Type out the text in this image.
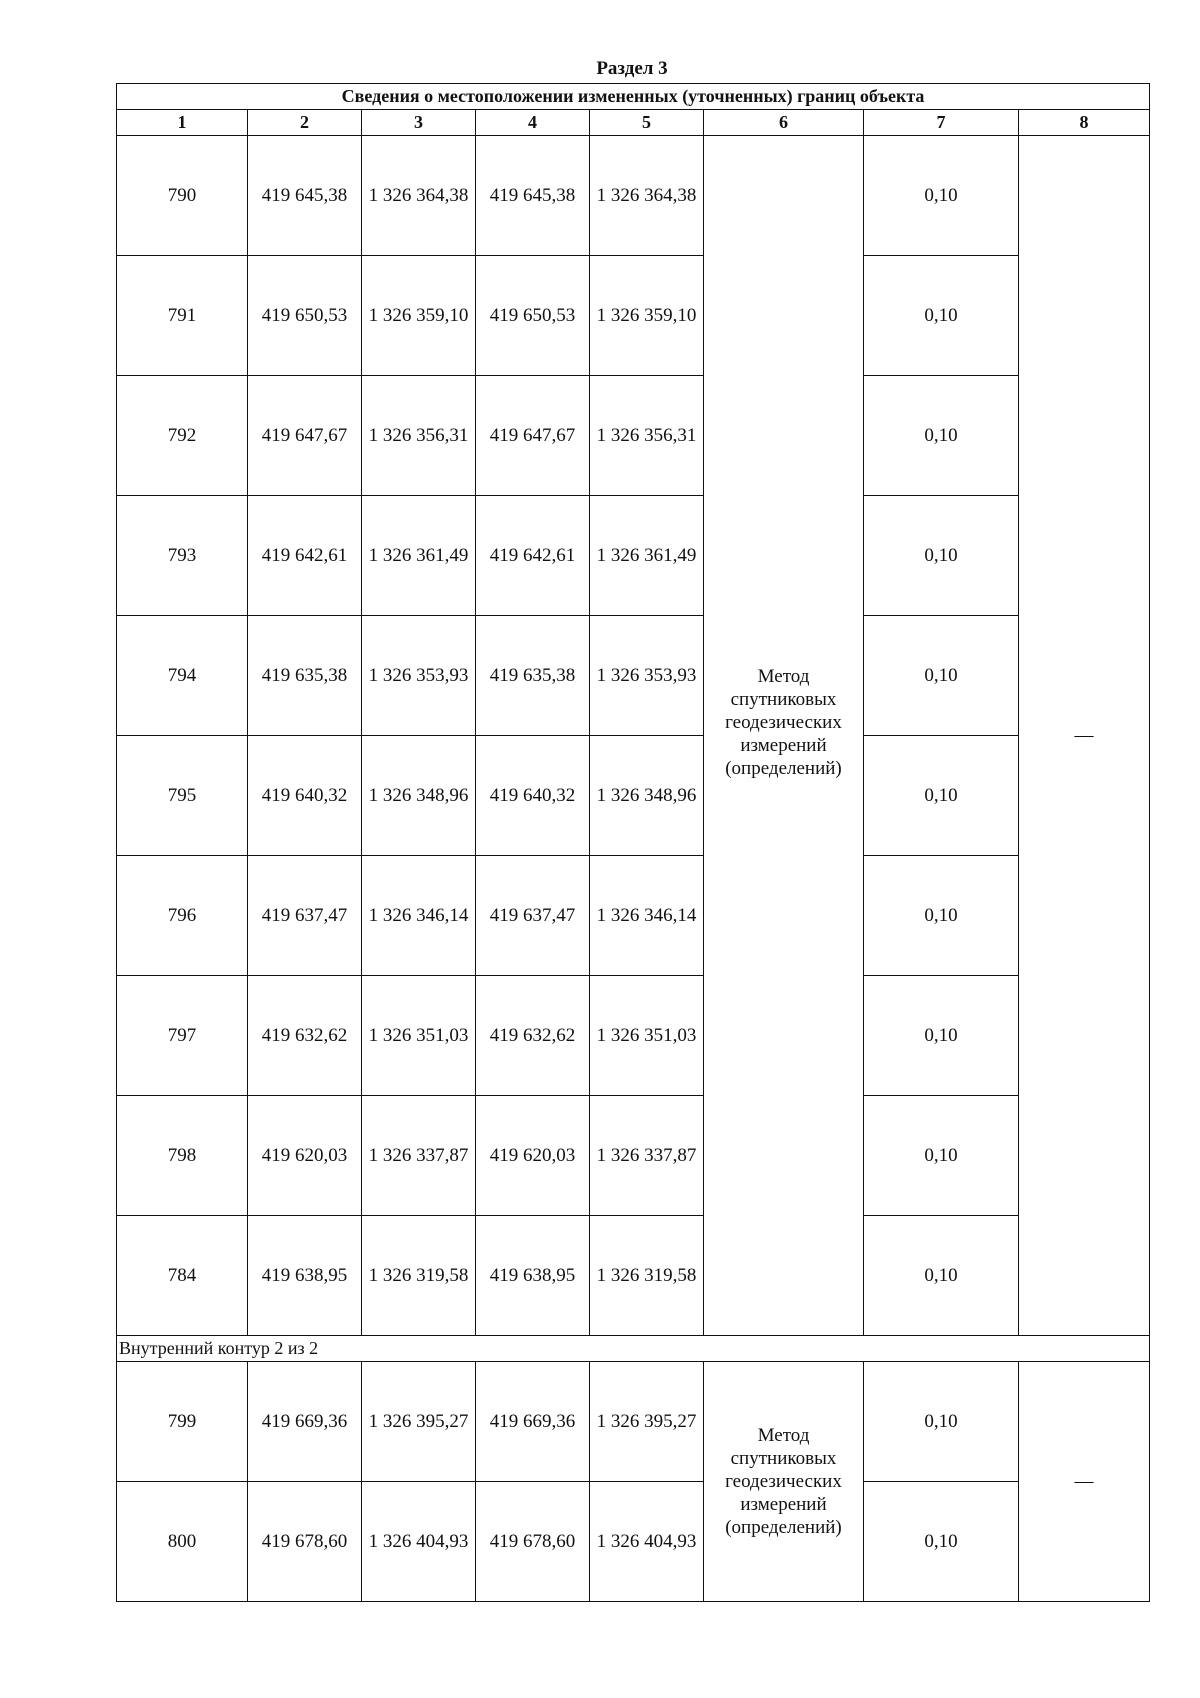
Раздел 3
Сведения о местоположении измененных (уточненных) границ объекта							
1	2	3	4	5	6	7	8
790	419 645,38	1 326 364,38	419 645,38	1 326 364,38	Метод спутниковых геодезических измерений (определений)	0,10	—
791	419 650,53	1 326 359,10	419 650,53	1 326 359,10		0,10	
792	419 647,67	1 326 356,31	419 647,67	1 326 356,31		0,10	
793	419 642,61	1 326 361,49	419 642,61	1 326 361,49		0,10	
794	419 635,38	1 326 353,93	419 635,38	1 326 353,93		0,10	
795	419 640,32	1 326 348,96	419 640,32	1 326 348,96		0,10	
796	419 637,47	1 326 346,14	419 637,47	1 326 346,14		0,10	
797	419 632,62	1 326 351,03	419 632,62	1 326 351,03		0,10	
798	419 620,03	1 326 337,87	419 620,03	1 326 337,87		0,10	
784	419 638,95	1 326 319,58	419 638,95	1 326 319,58		0,10	
Внутренний контур 2 из 2							
799	419 669,36	1 326 395,27	419 669,36	1 326 395,27	Метод спутниковых геодезических измерений (определений)	0,10	—
800	419 678,60	1 326 404,93	419 678,60	1 326 404,93		0,10	
